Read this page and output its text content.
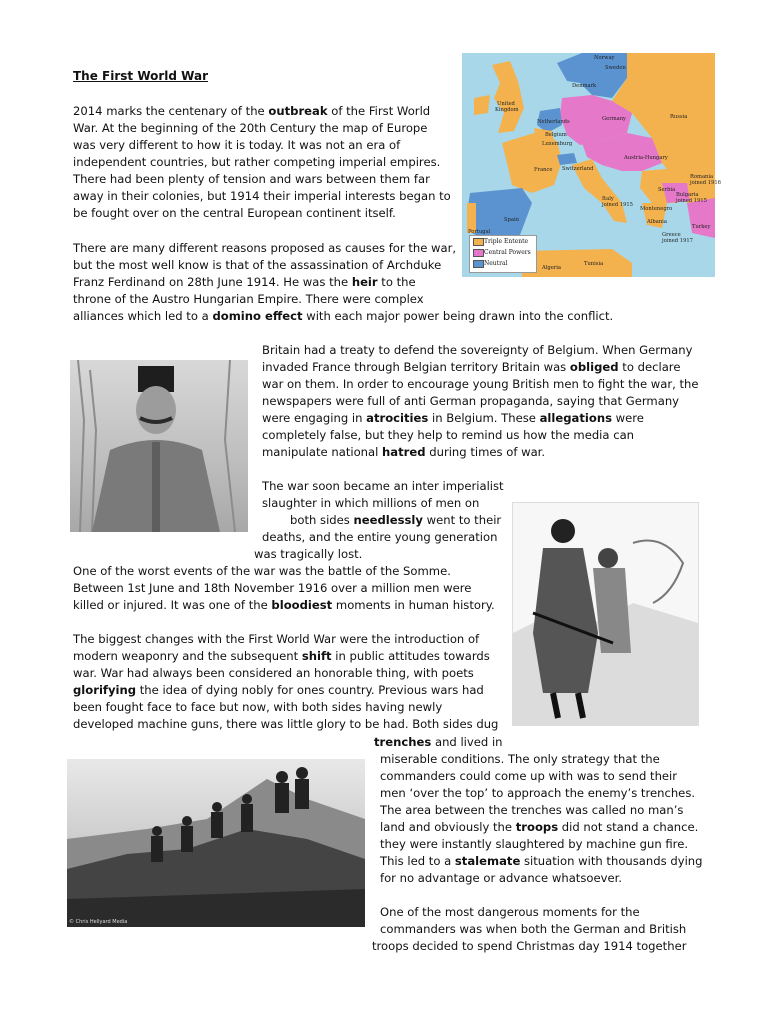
The First World War
Norway
Sweden
Denmark
United
Kingdom
Netherlands	Germany	Russia
Belgium
Luxemburg
Austria-Hungary
France Switzerland
Romania
joined 1916
Serbia
Bulgaria
joined 1915
Italy
joined 1915
Montenegro
Albania
Greece
joined 1917
Turkey
Spain
Portugal
Algeria
Tunisia
Triple Entente
Central Powers
Neutral
© Chris Hellyard Media
2014 marks the centenary of the outbreak of the First World
War. At the beginning of the 20th Century the map of Europe
was very different to how it is today. It was not an era of
independent countries, but rather competing imperial empires.
There had been plenty of tension and wars between them far
away in their colonies, but 1914 their imperial interests began to
be fought over on the central European continent itself.
There are many different reasons proposed as causes for the war,
but the most well know is that of the assassination of Archduke
Franz Ferdinand on 28th June 1914. He was the heir to the
throne of the Austro Hungarian Empire. There were complex
alliances which led to a domino effect with each major power being drawn into the conflict.
Britain had a treaty to defend the sovereignty of Belgium. When Germany
invaded France through Belgian territory Britain was obliged to declare
war on them. In order to encourage young British men to fight the war, the
newspapers were full of anti German propaganda, saying that Germany
were engaging in atrocities in Belgium. These allegations were
completely false, but they help to remind us how the media can
manipulate national hatred during times of war.
The war soon became an inter imperialist
slaughter in which millions of men on
both sides needlessly went to their
deaths, and the entire young generation
was tragically lost.
One of the worst events of the war was the battle of the Somme.
Between 1st June and 18th November 1916 over a million men were
killed or injured. It was one of the bloodiest moments in human history.
The biggest changes with the First World War were the introduction of
modern weaponry and the subsequent shift in public attitudes towards
war. War had always been considered an honorable thing, with poets
glorifying the idea of dying nobly for ones country. Previous wars had
been fought face to face but now, with both sides having newly
developed machine guns, there was little glory to be had. Both sides dug
trenches and lived in
miserable conditions. The only strategy that the
commanders could come up with was to send their
men ‘over the top’ to approach the enemy’s trenches.
The area between the trenches was called no man’s
land and obviously the troops did not stand a chance.
they were instantly slaughtered by machine gun fire.
This led to a stalemate situation with thousands dying
for no advantage or advance whatsoever.
One of the most dangerous moments for the
commanders was when both the German and British
troops decided to spend Christmas day 1914 together
